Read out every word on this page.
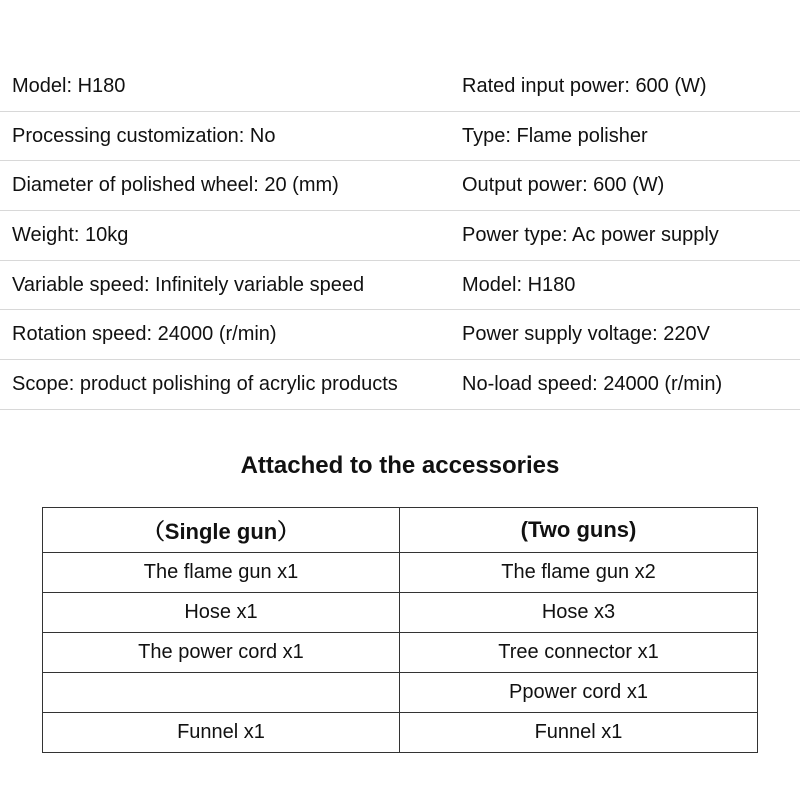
Model: H180	Rated input power: 600 (W)
Processing customization: No	Type: Flame polisher
Diameter of polished wheel: 20 (mm)	Output power: 600 (W)
Weight: 10kg	Power type: Ac power supply
Variable speed: Infinitely variable speed	Model: H180
Rotation speed: 24000 (r/min)	Power supply voltage: 220V
Scope: product polishing of acrylic products	No-load speed: 24000 (r/min)
Attached to the accessories
（Single gun）	(Two guns)
The flame gun x1	The flame gun x2
Hose x1	Hose x3
The power cord x1	Tree connector x1
	Ppower cord x1
Funnel x1	Funnel x1
